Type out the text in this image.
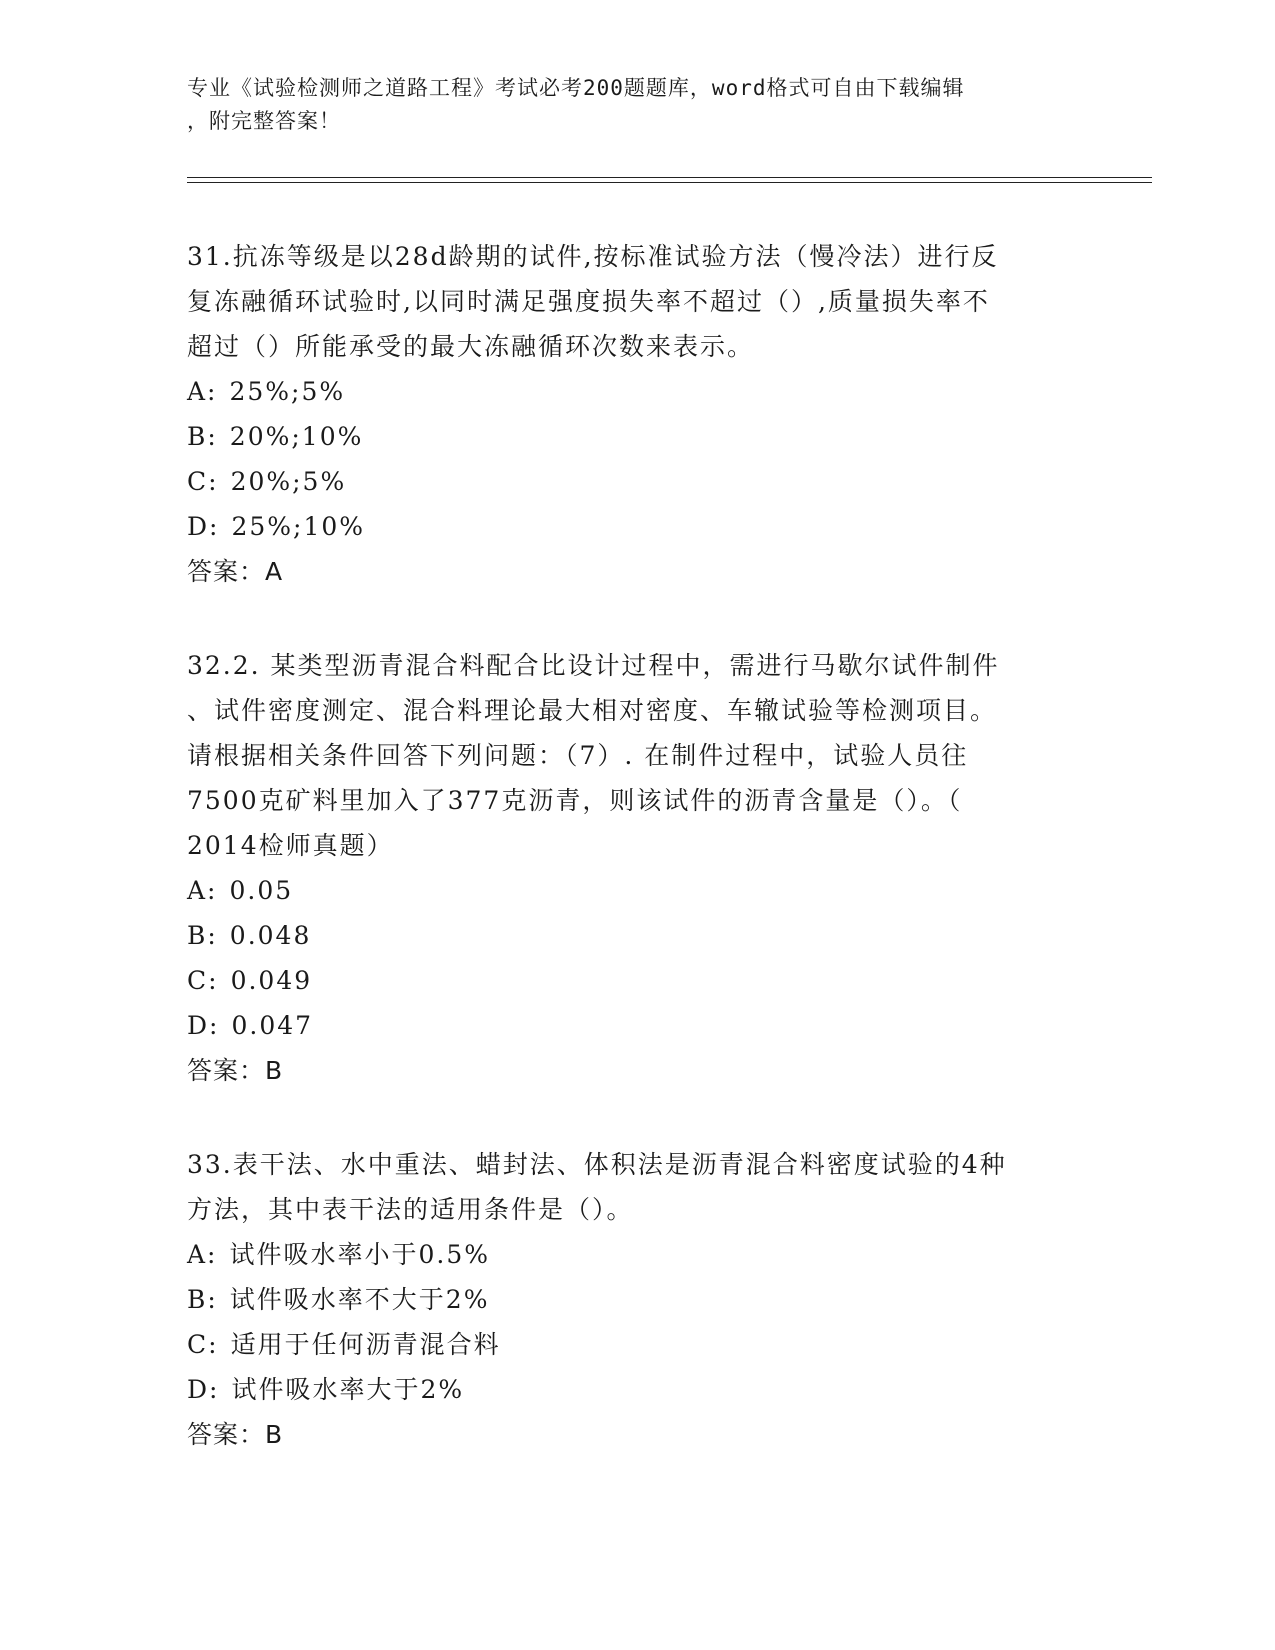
专业《试验检测师之道路工程》考试必考200题题库，word格式可自由下载编辑
，附完整答案！
31.抗冻等级是以28d龄期的试件,按标准试验方法（慢冷法）进行反
复冻融循环试验时,以同时满足强度损失率不超过（）,质量损失率不
超过（）所能承受的最大冻融循环次数来表示。
A: 25%;5%
B: 20%;10%
C: 20%;5%
D: 25%;10%
答案：A
32.2. 某类型沥青混合料配合比设计过程中，需进行马歇尔试件制件
、试件密度测定、混合料理论最大相对密度、车辙试验等检测项目。
请根据相关条件回答下列问题：（7）. 在制件过程中，试验人员往
7500克矿料里加入了377克沥青，则该试件的沥青含量是（）。（
2014检师真题）
A: 0.05
B: 0.048
C: 0.049
D: 0.047
答案：B
33.表干法、水中重法、蜡封法、体积法是沥青混合料密度试验的4种
方法，其中表干法的适用条件是（）。
A: 试件吸水率小于0.5%
B: 试件吸水率不大于2%
C: 适用于任何沥青混合料
D: 试件吸水率大于2%
答案：B
